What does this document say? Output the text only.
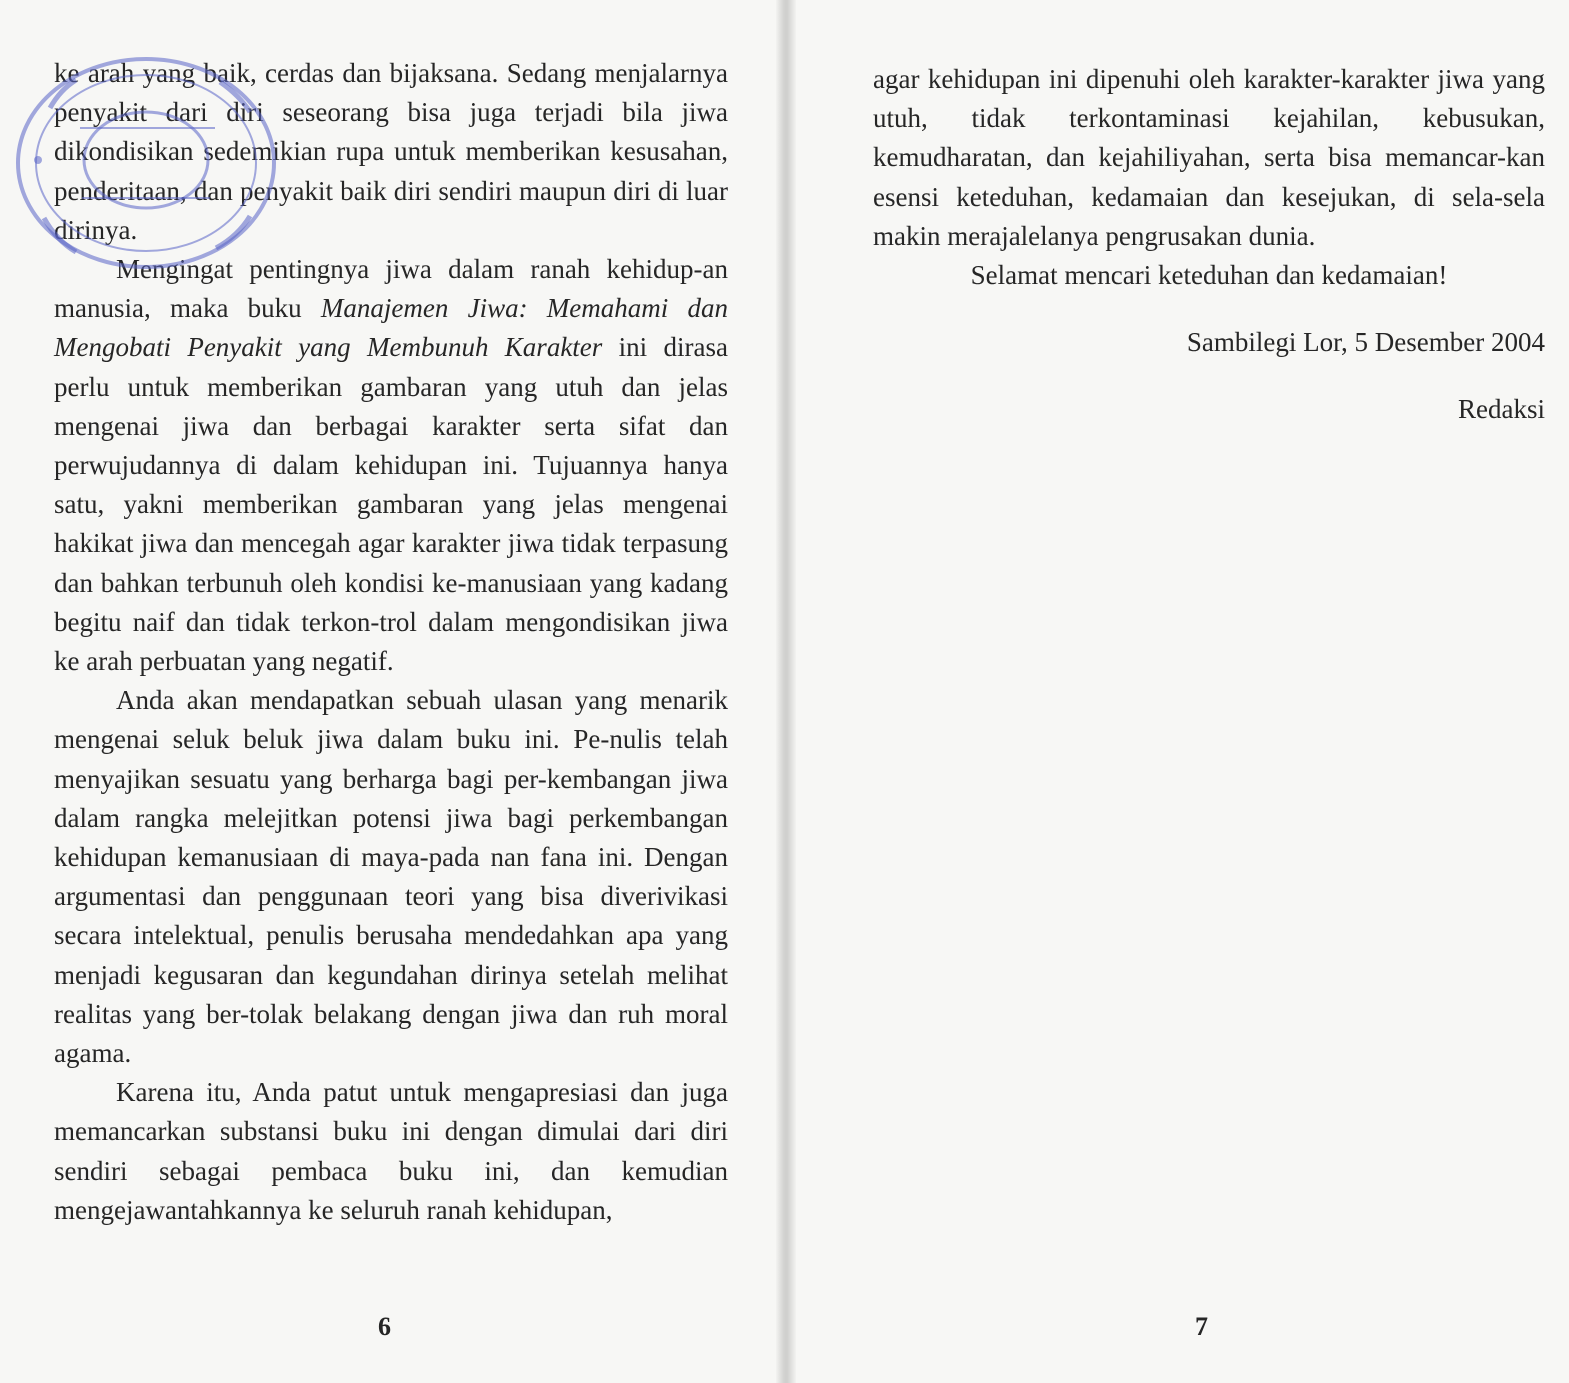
ke arah yang baik, cerdas dan bijaksana. Sedang menjalarnya penyakit dari diri seseorang bisa juga terjadi bila jiwa dikondisikan sedemikian rupa untuk memberikan kesusahan, penderitaan, dan penyakit baik diri sendiri maupun diri di luar dirinya.

Mengingat pentingnya jiwa dalam ranah kehidup-an manusia, maka buku Manajemen Jiwa: Memahami dan Mengobati Penyakit yang Membunuh Karakter ini dirasa perlu untuk memberikan gambaran yang utuh dan jelas mengenai jiwa dan berbagai karakter serta sifat dan perwujudannya di dalam kehidupan ini. Tujuannya hanya satu, yakni memberikan gambaran yang jelas mengenai hakikat jiwa dan mencegah agar karakter jiwa tidak terpasung dan bahkan terbunuh oleh kondisi ke-manusiaan yang kadang begitu naif dan tidak terkon-trol dalam mengondisikan jiwa ke arah perbuatan yang negatif.

Anda akan mendapatkan sebuah ulasan yang menarik mengenai seluk beluk jiwa dalam buku ini. Pe-nulis telah menyajikan sesuatu yang berharga bagi per-kembangan jiwa dalam rangka melejitkan potensi jiwa bagi perkembangan kehidupan kemanusiaan di maya-pada nan fana ini. Dengan argumentasi dan penggunaan teori yang bisa diverivikasi secara intelektual, penulis berusaha mendedahkan apa yang menjadi kegusaran dan kegundahan dirinya setelah melihat realitas yang ber-tolak belakang dengan jiwa dan ruh moral agama.

Karena itu, Anda patut untuk mengapresiasi dan juga memancarkan substansi buku ini dengan dimulai dari diri sendiri sebagai pembaca buku ini, dan kemudian mengejawantahkannya ke seluruh ranah kehidupan,

agar kehidupan ini dipenuhi oleh karakter-karakter jiwa yang utuh, tidak terkontaminasi kejahilan, kebusukan, kemudharatan, dan kejahiliyahan, serta bisa memancar-kan esensi keteduhan, kedamaian dan kesejukan, di sela-sela makin merajalelanya pengrusakan dunia.

Selamat mencari keteduhan dan kedamaian!

Sambilegi Lor, 5 Desember 2004

Redaksi

6	7
